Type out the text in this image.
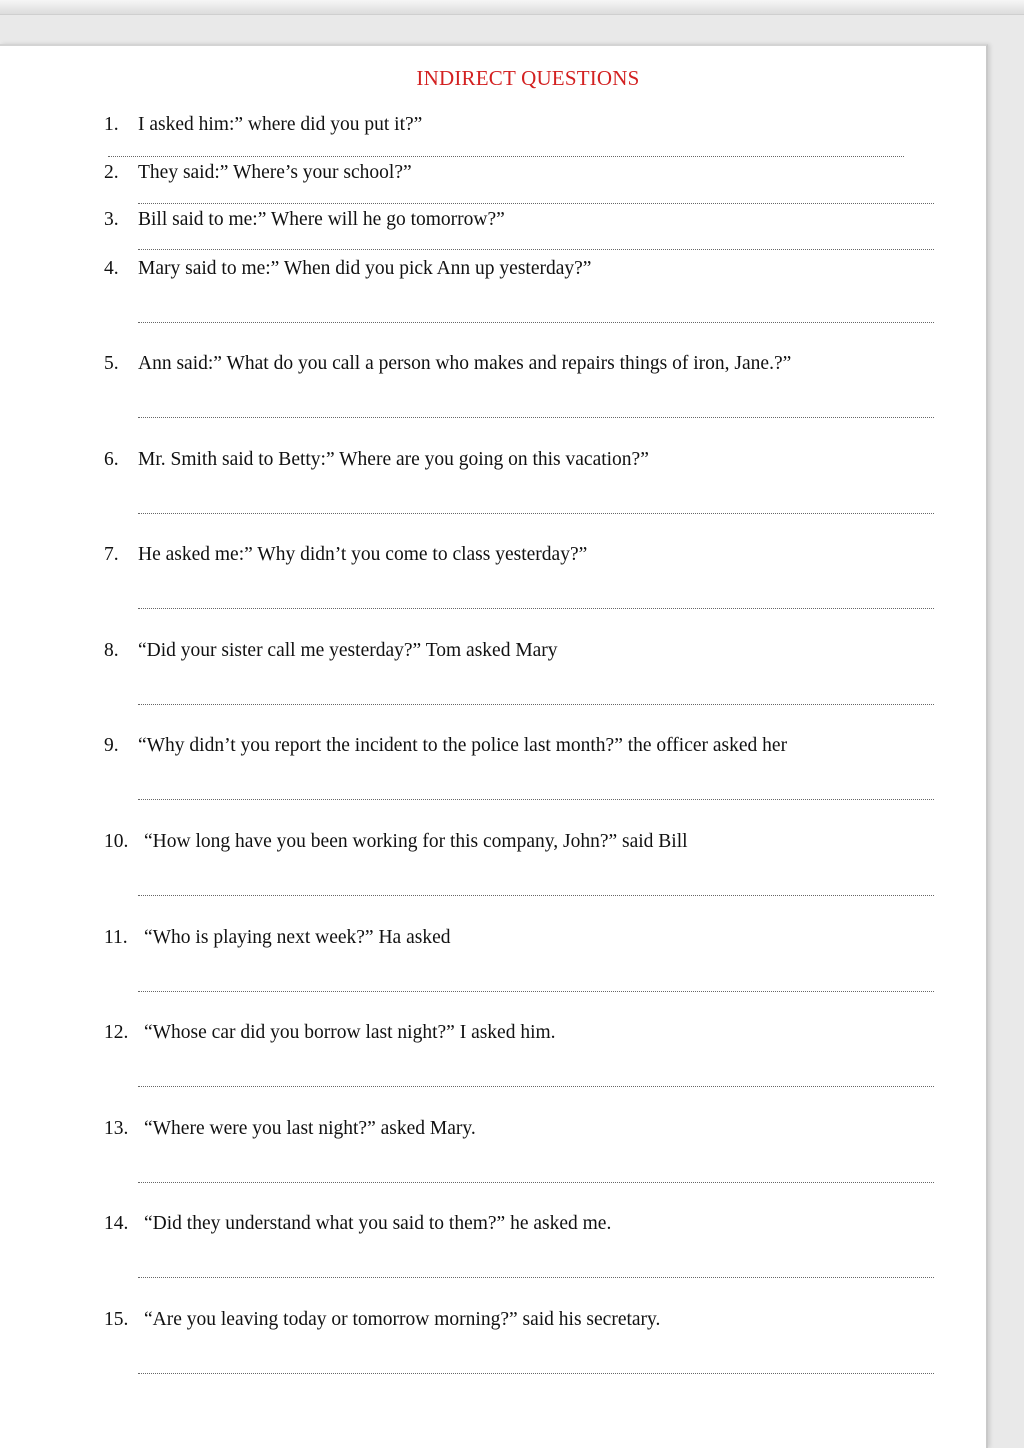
INDIRECT QUESTIONS
1. I asked him:” where did you put it?”
2. They said:” Where’s your school?”
3. Bill said to me:” Where will he go tomorrow?”
4. Mary said to me:” When did you pick Ann up yesterday?”
5. Ann said:” What do you call a person who makes and repairs things of iron, Jane.?”
6. Mr. Smith said to Betty:” Where are you going on this vacation?”
7. He asked me:” Why didn’t you come to class yesterday?”
8. “Did your sister call me yesterday?” Tom asked Mary
9. “Why didn’t you report the incident to the police last month?” the officer asked her
10. “How long have you been working for this company, John?” said Bill
11. “Who is playing next week?” Ha asked
12. “Whose car did you borrow last night?” I asked him.
13. “Where were you last night?” asked Mary.
14. “Did they understand what you said to them?” he asked me.
15. “Are you leaving today or tomorrow morning?” said his secretary.
